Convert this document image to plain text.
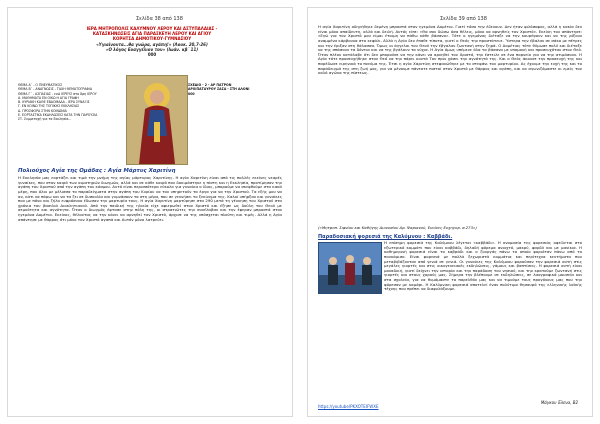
Σελίδα 38 από 138
ΙΕΡΑ ΜΗΤΡΟΠΟΛΙΣ ΚΑΛΥΜΝΟΥ ΛΕΡΟΥ ΚΑΙ ΑΣΤΥΠΑΛΑΙΑΣ -
ΚΑΤΑΣΚΗΝΩΣΕΙΣ ΑΓΙΑ ΠΑΡΑΣΚΕΥΗ ΛΕΡΟΥ ΚΑΙ ΑΓΙΟΥ
ΚΟΡΗΤΣΑ ΔΗΜΟΤΙΚΟΥ-ΓΥΜΝΑΣΙΟΥ
«Υγιαίνοντα...θα γνώρα, αγάπη!» (Λουκ. 20,7-26)
«Ο λόγος Ευαγγέλιον τον» (Ιωάν. κβ΄ 11)
000
ΘΕΜΑ Α΄ - Ο ΠΝΕΥΜΑΤΙΚΟΣ
ΘΕΜΑ Β΄ - ΑΝΑΓΝΩΣΙΣ - ΤΑΧΗ ΘΕΜΑΤΟΓΡΑΦΙΑ
ΘΕΜΑ Γ΄ - ΑΣΠΑΣΙΑΣ - ενώ ΙΕΡΕΥΣ στο Άρη ΙΕΡΟΥ
Α. ΜΑΘΗΜΑΤΑ ΕΝ ΟΙΚΩ Η ΑΓΙΑ ΓΡΑΦΗ
Β. ΚΥΡΙΑΚΗ ΚΑΘΕ ΕΒΔΟΜΑΔΑ - ΙΕΡΑ ΣΥΝΑΞΙΣ
Γ. ΕΝ ΚΟΙΝΩ ΤΗΣ ΤΟΠΙΚΗΣ ΕΚΚΛΗΣΙΑΣ
Δ. ΠΡΟΣΦΟΡΑ ΣΤΗΝ ΚΟΙΝΩΝΙΑ
Ε. ΕΟΡΤΑΣΤΙΚΑ ΕΚΔΗΛΩΣΕΙΣ ΚΑΤΑ ΤΗΝ ΠΑΡΟΥΣΙΑ
ΣΤ. Συμμετοχή για τα Εκκλησία...
ΣΧΕΔΙΟ - 2 - ΑΡ ΠΑΤΡΟΝ
ΑΡΧΙΠΑΤΑΥΡΟΥ ΣΑΣΑ - ΣΤΗ ΑΛΟΝΙ
000
Πολιούχος Αγία της Ομάδας : Αγία Μάρτυς Χαριτίνη
Η Εκκλησία μας εορτάζει και τιμά την μνήμη της αγίας μάρτυρος Χαριτίνης. Η αγία Χαριτίνη είναι από τις πολλές εκείνες νεαρές γυναίκες, που στον καιρό των αιματηρών διωγμών, αλλά και σε κάθε καιρό που δοκιμάστηκε η πίστη και η Εκκλησία, προτίμησαν την αγάπη του Χριστού από την αγάπη του κόσμου. Αυτό είναι περισσότερο εύκολο για γυναίκα ο ίδιος, μπορούμε να σκεφθούμε στα κακά μέρη, που όλοι με μέλισσα το παραδείγματα στην αγάπη του Κυρίου να τον υπηρετούν τα έργα για να την Χριστού. Τα εξής μου να αν, κάτι να πάρω και να τα ζει σε δυσκολία και γυμνάσουν τα στη μέρα, που σε γεννήσει το ξεκίνημα της. Καλοί υπήρξαν και γυναίκες που με πόνο και ζήλο ευφρόσυνο έδωσαν την μαρτυρία τους. Η αγία Χαριτίνη μαρτύρησε στα 290 μετά τη γέννηση του Χριστού στα χρόνια του βασιλιά Διοκλητιανού. Από την παιδική της ηλικία είχε αφιερωθεί στον Χριστό και έζησε ως δούλη του Θεού με σεμνότητα και αγνότητα. Όταν ο διωγμός έφτασε στην πόλη της, οι στρατιώτες την συνέλαβαν και την έφεραν μπροστά στον ηγεμόνα Δομέτιο. Εκείνος, θέλοντας να την κάνει να αρνηθεί τον Χριστό, άρχισε να της υπόσχεται πλούτη και τιμές. Αλλά η Αγία απάντησε με θάρρος ότι μόνο τον Χριστό αγαπά και Αυτόν μόνο λατρεύει.
Σελίδα 39 από 138
Η αγία Χαριτίνη οδηγήθηκε δεμένη μπροστά στον ηγεμόνα Δομέτιο. Γιατί τόσο την έδενουν. Δεν ήταν φιλόσοφος, αλλά η κακία δεν είναι μόνο απαίδευτη, αλλά και δειλή. Αυτός είπε: «Θα σου δώσω όσα θέλεις, μόνο να αρνηθείς τον Χριστό». Εκείνη του απάντησε: «Εγώ για τον Χριστό μου είμαι έτοιμη να πάθω κάθε βάσανο». Τότε ο ηγεμόνας διέταξε να την κουρέψουν και να της ρίξουν αναμμένα κάρβουνα στο κεφάλι. Αλλά η Αγία δεν έπαθε τίποτα, γιατί ο Θεός την προστάτευε. Ύστερα την έβαλαν σε σάκο με πέτρες και την έριξαν στη θάλασσα. Όμως οι άγγελοι του Θεού την έβγαλαν ζωντανή στην ξηρά. Ο Δομέτιος τότε θύμωσε πολύ και διέταξε να της σπάσουν τα δόντια και να της βγάλουν τα νύχια. Η Αγία όμως υπέμενε όλα τα βάσανα με υπομονή και προσευχόταν στον Θεό. Όταν πλέον κατάλαβε ότι δεν μπορούσε να την κάνει να αρνηθεί τον Χριστό, την έστειλε σε ένα πορνείο για να την ατιμάσουν. Η Αγία τότε προσευχήθηκε στον Θεό να την πάρει κοντά Του πριν χάσει την αγνότητά της. Και ο Θεός άκουσε την προσευχή της και παρέδωσε ειρηνικά το πνεύμα της. Έτσι η αγία Χαριτίνη στεφανώθηκε με το στεφάνι του μαρτυρίου. Ας έχουμε την ευχή της και το παράδειγμά της στη ζωή μας, για να μένουμε πάντοτε πιστοί στον Χριστό με θάρρος και αγάπη, και να αγωνιζόμαστε κι εμείς τον καλό αγώνα της πίστεως.
(«Μητροπ. Σιφνίου και Καθήγης Διονυσίου Αρ. Ψαριανού, Ευοίνες Ευχηγορ. σ.273»)
Παραδοσιακή φορεσιά της Καλύμνου : Καββάδι.
Η επίσημη φορεσιά της Καλύμνου λέγεται «καββάδι». Η ονομασία της φορεσιάς οφείλεται στο εξωτερικό κομμάτι που είναι καββάδι, δηλαδή φόρεμα ανοιχτό, μακρύ, φαρδύ και με μανίκια. Η καθημερινή φορεσιά είναι το καβράδι και ο ζουργάς πάνω το οποίο φοριόταν πάνω από το πουκάμισο. Είναι φορεσιά με πολλά ξεχωριστά κομμάτια και περίτεχνα κεντήματα που μεταβιβάζονταν από γενιά σε γενιά. Οι γυναίκες της Καλύμνου φορούσαν την φορεσιά αυτή στις μεγάλες γιορτές και στις οικογενειακές εκδηλώσεις, γάμους και βαπτίσεις. Η φορεσιά αυτή είναι μοναδική, γιατί δείχνει την ιστορία και την παράδοση του νησιού, και την κρατούμε ζωντανή στις γιορτές και στους χορούς μας. Σήμερα την βλέπουμε σε εκδηλώσεις, σε λαογραφικά μουσεία και στα σχολεία, για να θυμόμαστε το παρελθόν μας και να τιμούμε τους προγόνους μας που την φόρεσαν με καμάρι. Η Καλύμνικη φορεσιά αποτελεί έναν πολύτιμο θησαυρό της ελληνικής λαϊκής τέχνης που πρέπει να διαφυλάξουμε.
https://youtube/PKXOTEIFWXE
Μάγκου Έλενα, Β2
